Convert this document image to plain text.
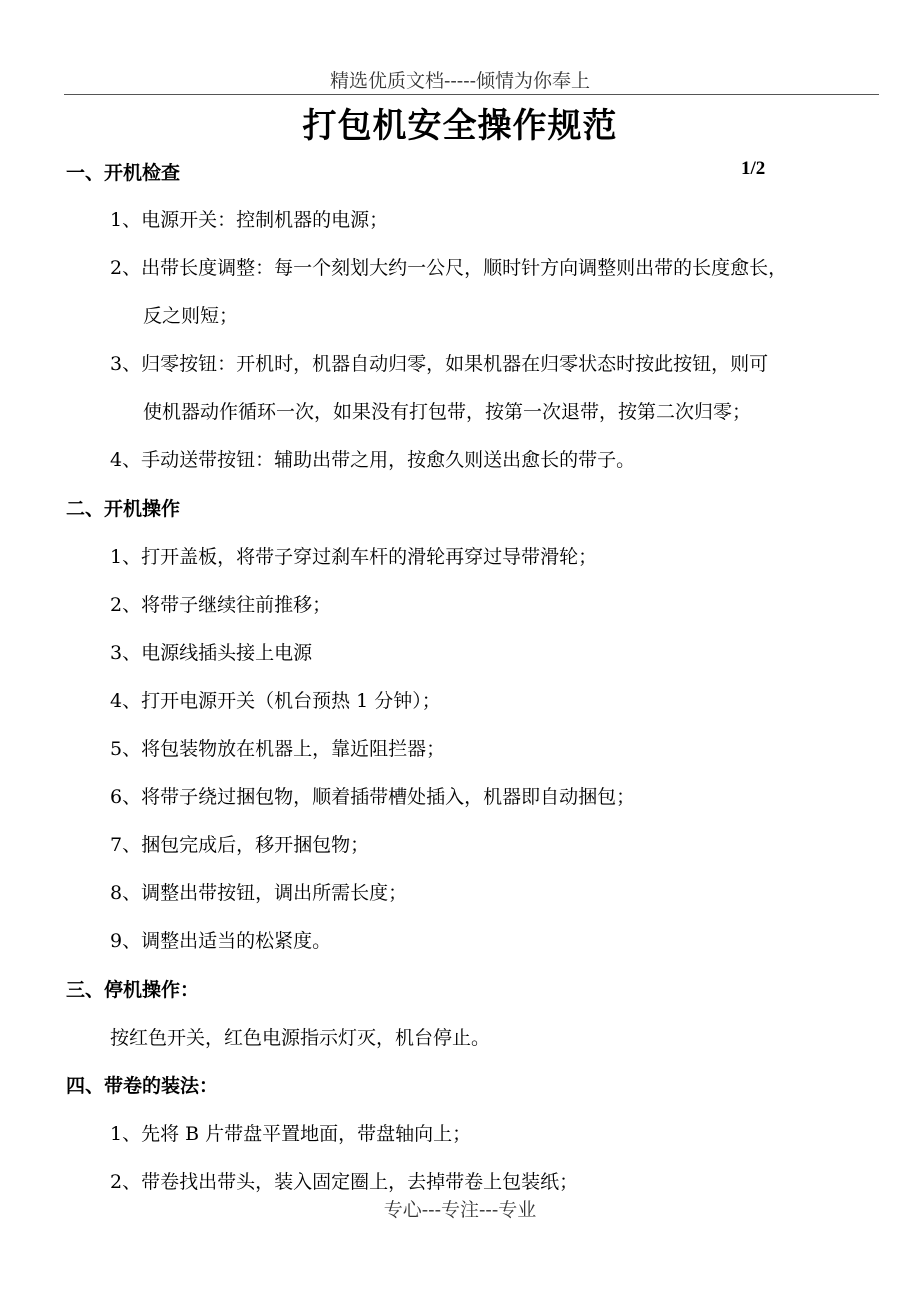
精选优质文档-----倾情为你奉上
打包机安全操作规范
一、开机检查	1/2
1、电源开关：控制机器的电源；
2、出带长度调整：每一个刻划大约一公尺，顺时针方向调整则出带的长度愈长，
反之则短；
3、归零按钮：开机时，机器自动归零，如果机器在归零状态时按此按钮，则可
使机器动作循环一次，如果没有打包带，按第一次退带，按第二次归零；
4、手动送带按钮：辅助出带之用，按愈久则送出愈长的带子。
二、开机操作
1、打开盖板，将带子穿过刹车杆的滑轮再穿过导带滑轮；
2、将带子继续往前推移；
3、电源线插头接上电源
4、打开电源开关（机台预热 1 分钟）；
5、将包装物放在机器上，靠近阻拦器；
6、将带子绕过捆包物，顺着插带槽处插入，机器即自动捆包；
7、捆包完成后，移开捆包物；
8、调整出带按钮，调出所需长度；
9、调整出适当的松紧度。
三、停机操作：
按红色开关，红色电源指示灯灭，机台停止。
四、带卷的装法：
1、先将 B 片带盘平置地面，带盘轴向上；
2、带卷找出带头，装入固定圈上，去掉带卷上包装纸；
专心---专注---专业
